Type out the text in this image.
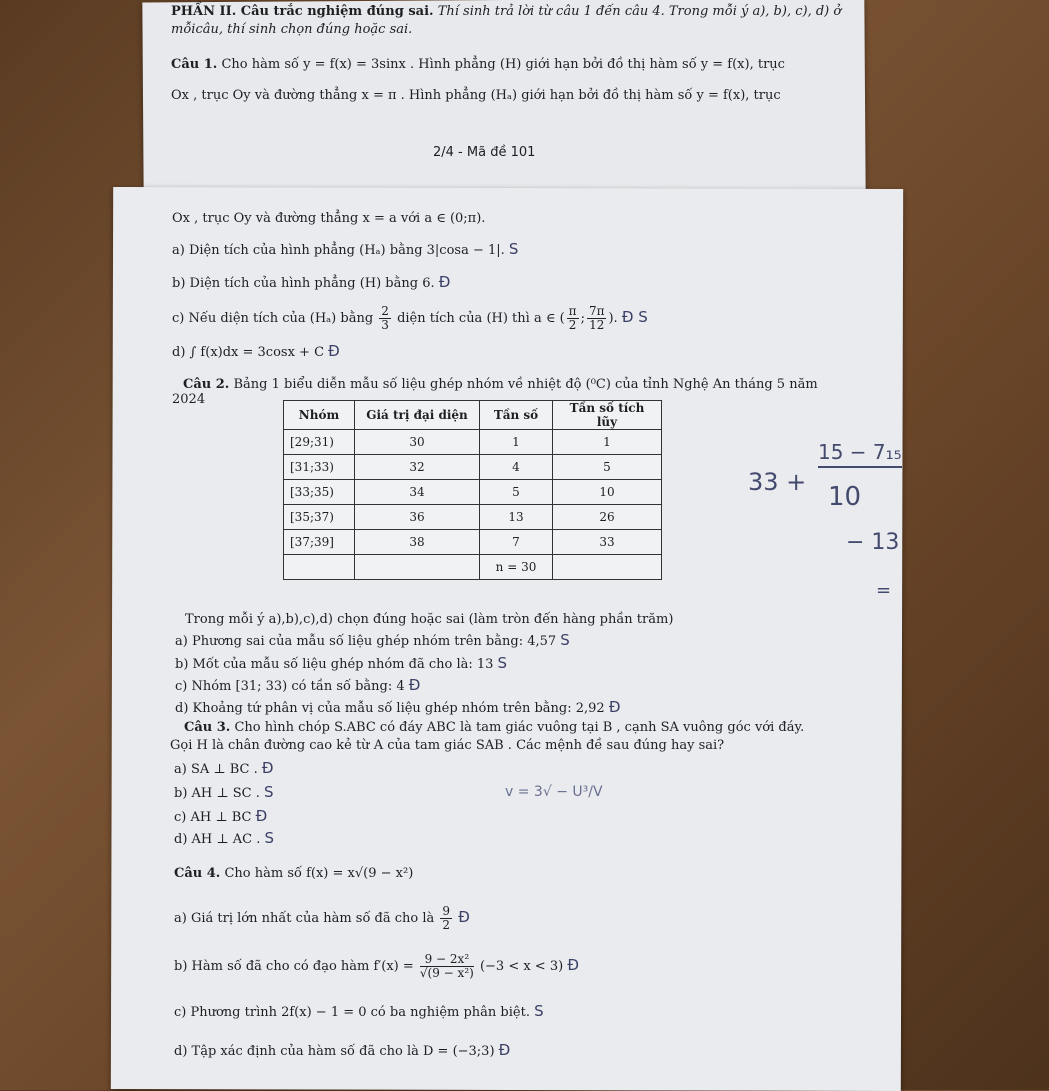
PHẦN II. Câu trắc nghiệm đúng sai. Thí sinh trả lời từ câu 1 đến câu 4. Trong mỗi ý a), b), c), d) ở
mỗicâu, thí sinh chọn đúng hoặc sai.
Câu 1. Cho hàm số y = f(x) = 3sinx . Hình phẳng (H) giới hạn bởi đồ thị hàm số y = f(x), trục
Ox , trục Oy và đường thẳng x = π . Hình phẳng (Hₐ) giới hạn bởi đồ thị hàm số y = f(x), trục
2/4 - Mã đề 101
Ox , trục Oy và đường thẳng x = a với a ∈ (0;π).
a) Diện tích của hình phẳng (Hₐ) bằng 3|cosa − 1|. S
b) Diện tích của hình phẳng (H) bằng 6. Đ
c) Nếu diện tích của (Hₐ) bằng $\frac{2}{3}$ diện tích của (H) thì a ∈ ( $\frac{\pi}{2}$ ; $\frac{7\pi}{12}$ ). Đ S
d) ∫ f(x)dx = 3cosx + C Đ
Câu 2. Bảng 1 biểu diễn mẫu số liệu ghép nhóm về nhiệt độ (⁰C) của tỉnh Nghệ An tháng 5 năm
2024
Nhóm	Giá trị đại diện	Tần số	Tần số tích lũy
[29;31)	30	1	1
[31;33)	32	4	5
[33;35)	34	5	10
[35;37)	36	13	26
[37;39]	38	7	33
		n = 30	
Trong mỗi ý a),b),c),d) chọn đúng hoặc sai (làm tròn đến hàng phần trăm)
a) Phương sai của mẫu số liệu ghép nhóm trên bằng: 4,57 S
b) Mốt của mẫu số liệu ghép nhóm đã cho là: 13 S
c) Nhóm [31; 33) có tần số bằng: 4 Đ
d) Khoảng tứ phân vị của mẫu số liệu ghép nhóm trên bằng: 2,92 Đ
Câu 3. Cho hình chóp S.ABC có đáy ABC là tam giác vuông tại B , cạnh SA vuông góc với đáy.
Gọi H là chân đường cao kẻ từ A của tam giác SAB . Các mệnh đề sau đúng hay sai?
a) SA ⊥ BC . Đ
b) AH ⊥ SC . S
c) AH ⊥ BC Đ
d) AH ⊥ AC . S
Câu 4. Cho hàm số f(x) = x√(9 − x²)
a) Giá trị lớn nhất của hàm số đã cho là $\frac{9}{2}$ Đ
b) Hàm số đã cho có đạo hàm $f'(x) = \frac{\text{9 − 2x²}}{\text{√(9 − x²)}} (-3 < x < 3)$ Đ
c) Phương trình 2f(x) − 1 = 0 có ba nghiệm phân biệt. S
d) Tập xác định của hàm số đã cho là D = (−3;3) Đ
33 +
15 − 7₁₅
10
− 13
=
v = 3√ − U³/V
